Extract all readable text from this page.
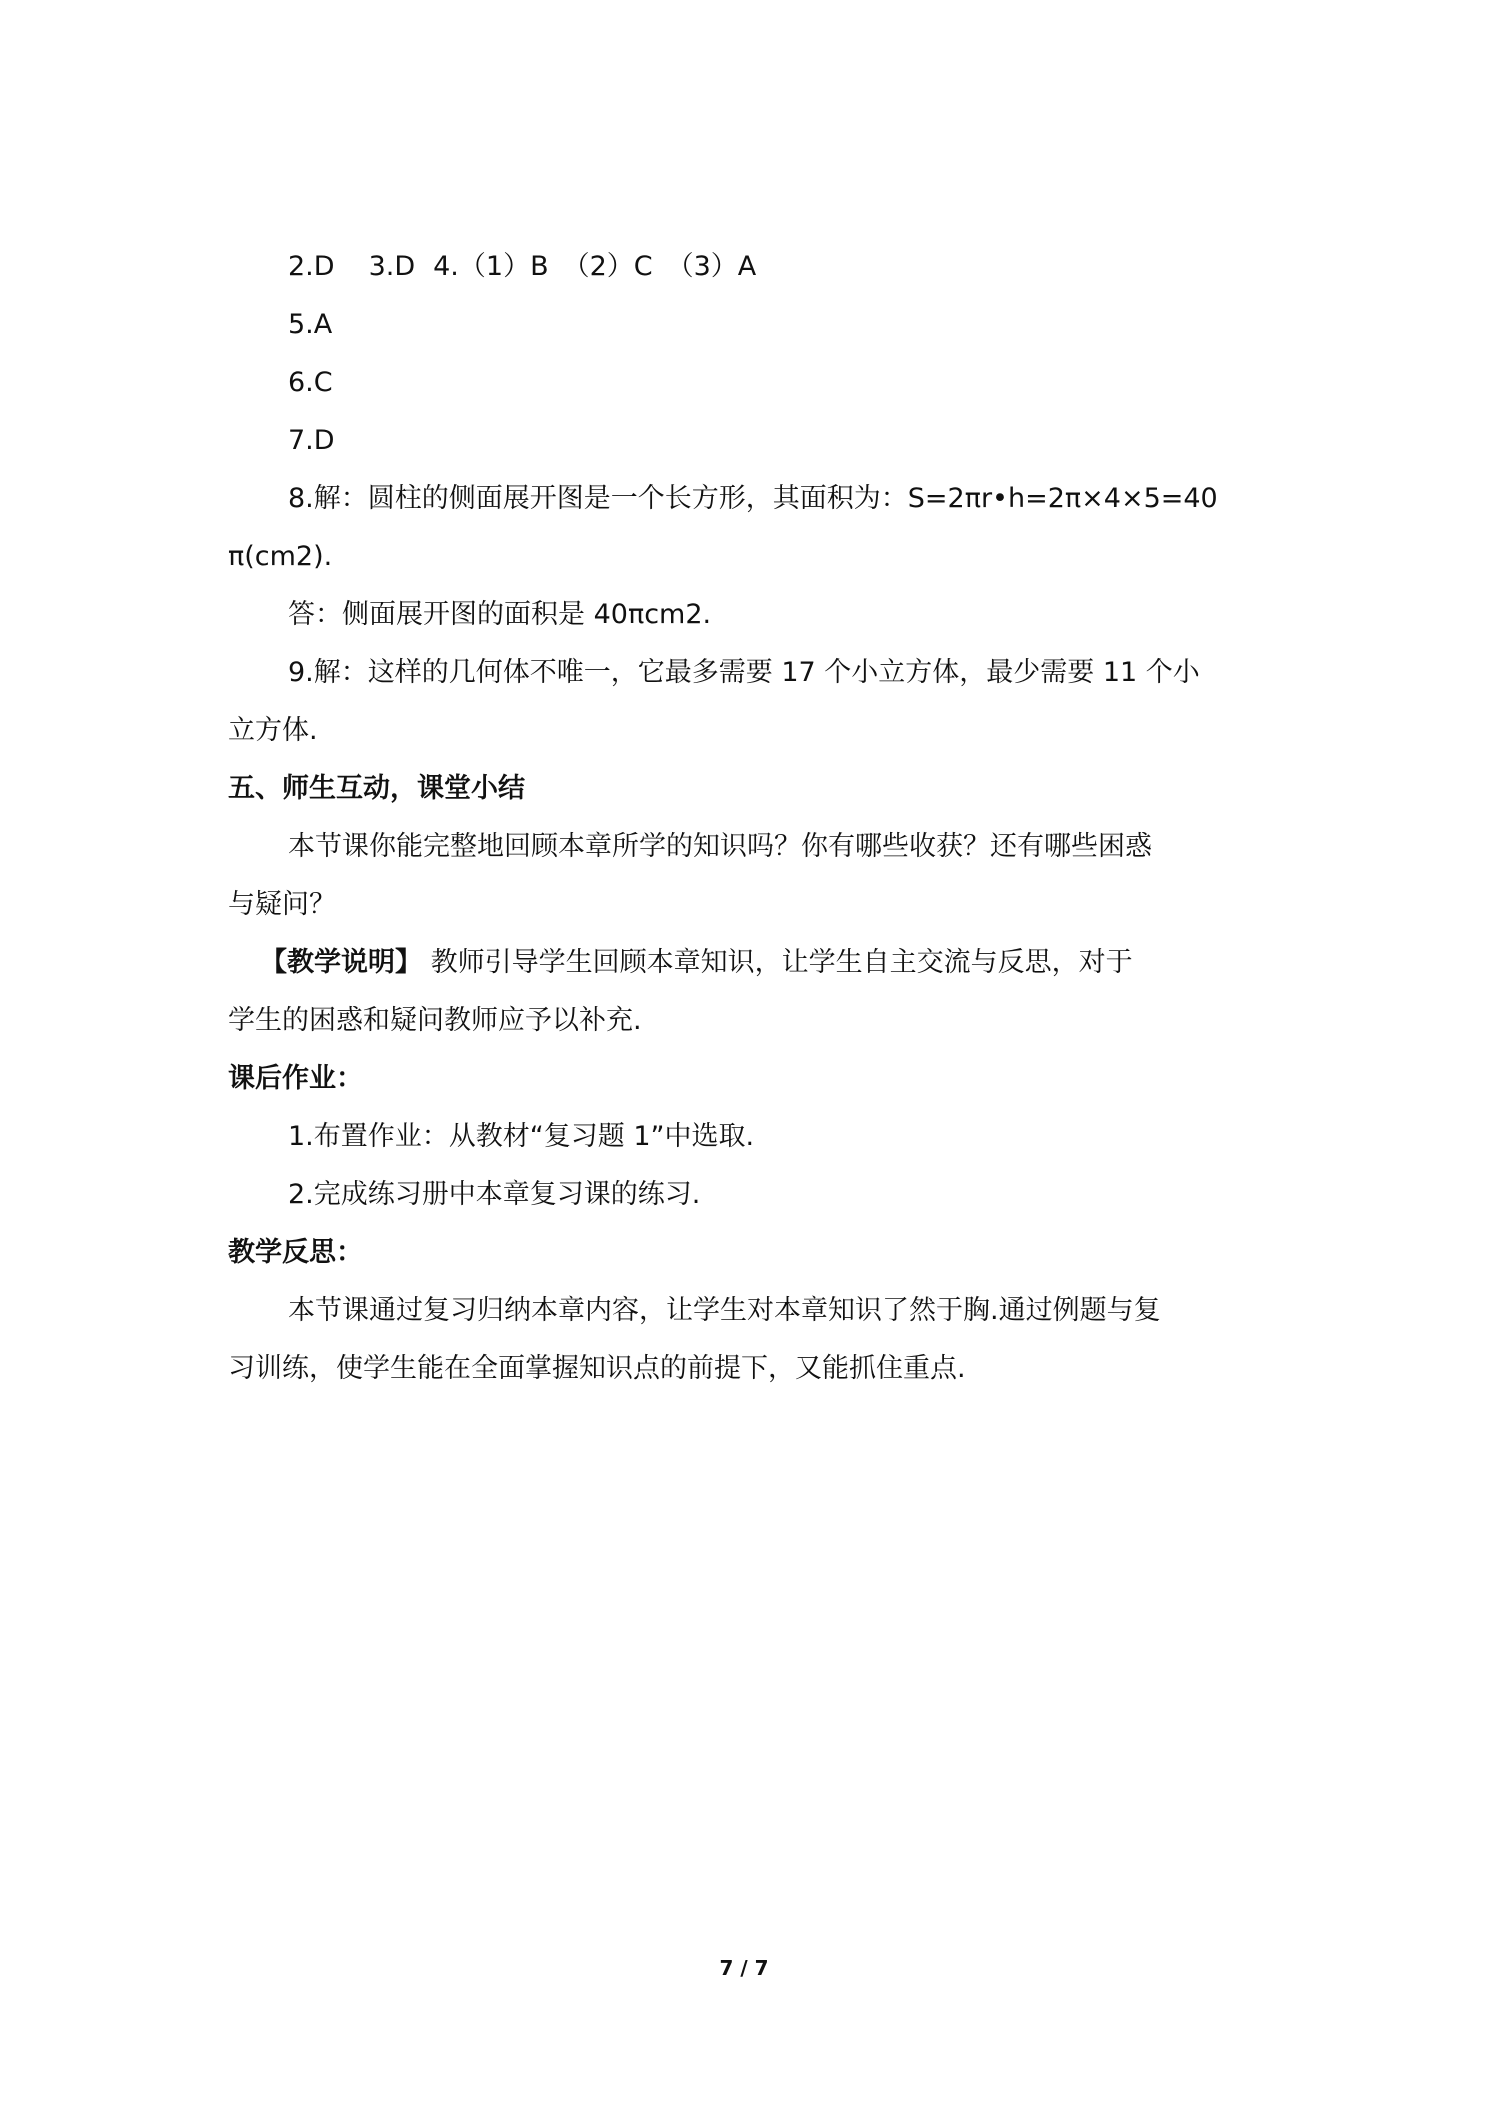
2.D 3.D 4.（1）B （2）C （3）A
5.A
6.C
7.D
8.解：圆柱的侧面展开图是一个长方形，其面积为：S=2πr•h=2π×4×5=40
π(cm2).
答：侧面展开图的面积是 40πcm2.
9.解：这样的几何体不唯一，它最多需要 17 个小立方体，最少需要 11 个小
立方体.
五、师生互动，课堂小结
本节课你能完整地回顾本章所学的知识吗？你有哪些收获？还有哪些困惑
与疑问？
【教学说明】 教师引导学生回顾本章知识，让学生自主交流与反思，对于
学生的困惑和疑问教师应予以补充.
课后作业：
1.布置作业：从教材“复习题 1”中选取.
2.完成练习册中本章复习课的练习.
教学反思：
本节课通过复习归纳本章内容，让学生对本章知识了然于胸.通过例题与复
习训练，使学生能在全面掌握知识点的前提下，又能抓住重点.
7 / 7
